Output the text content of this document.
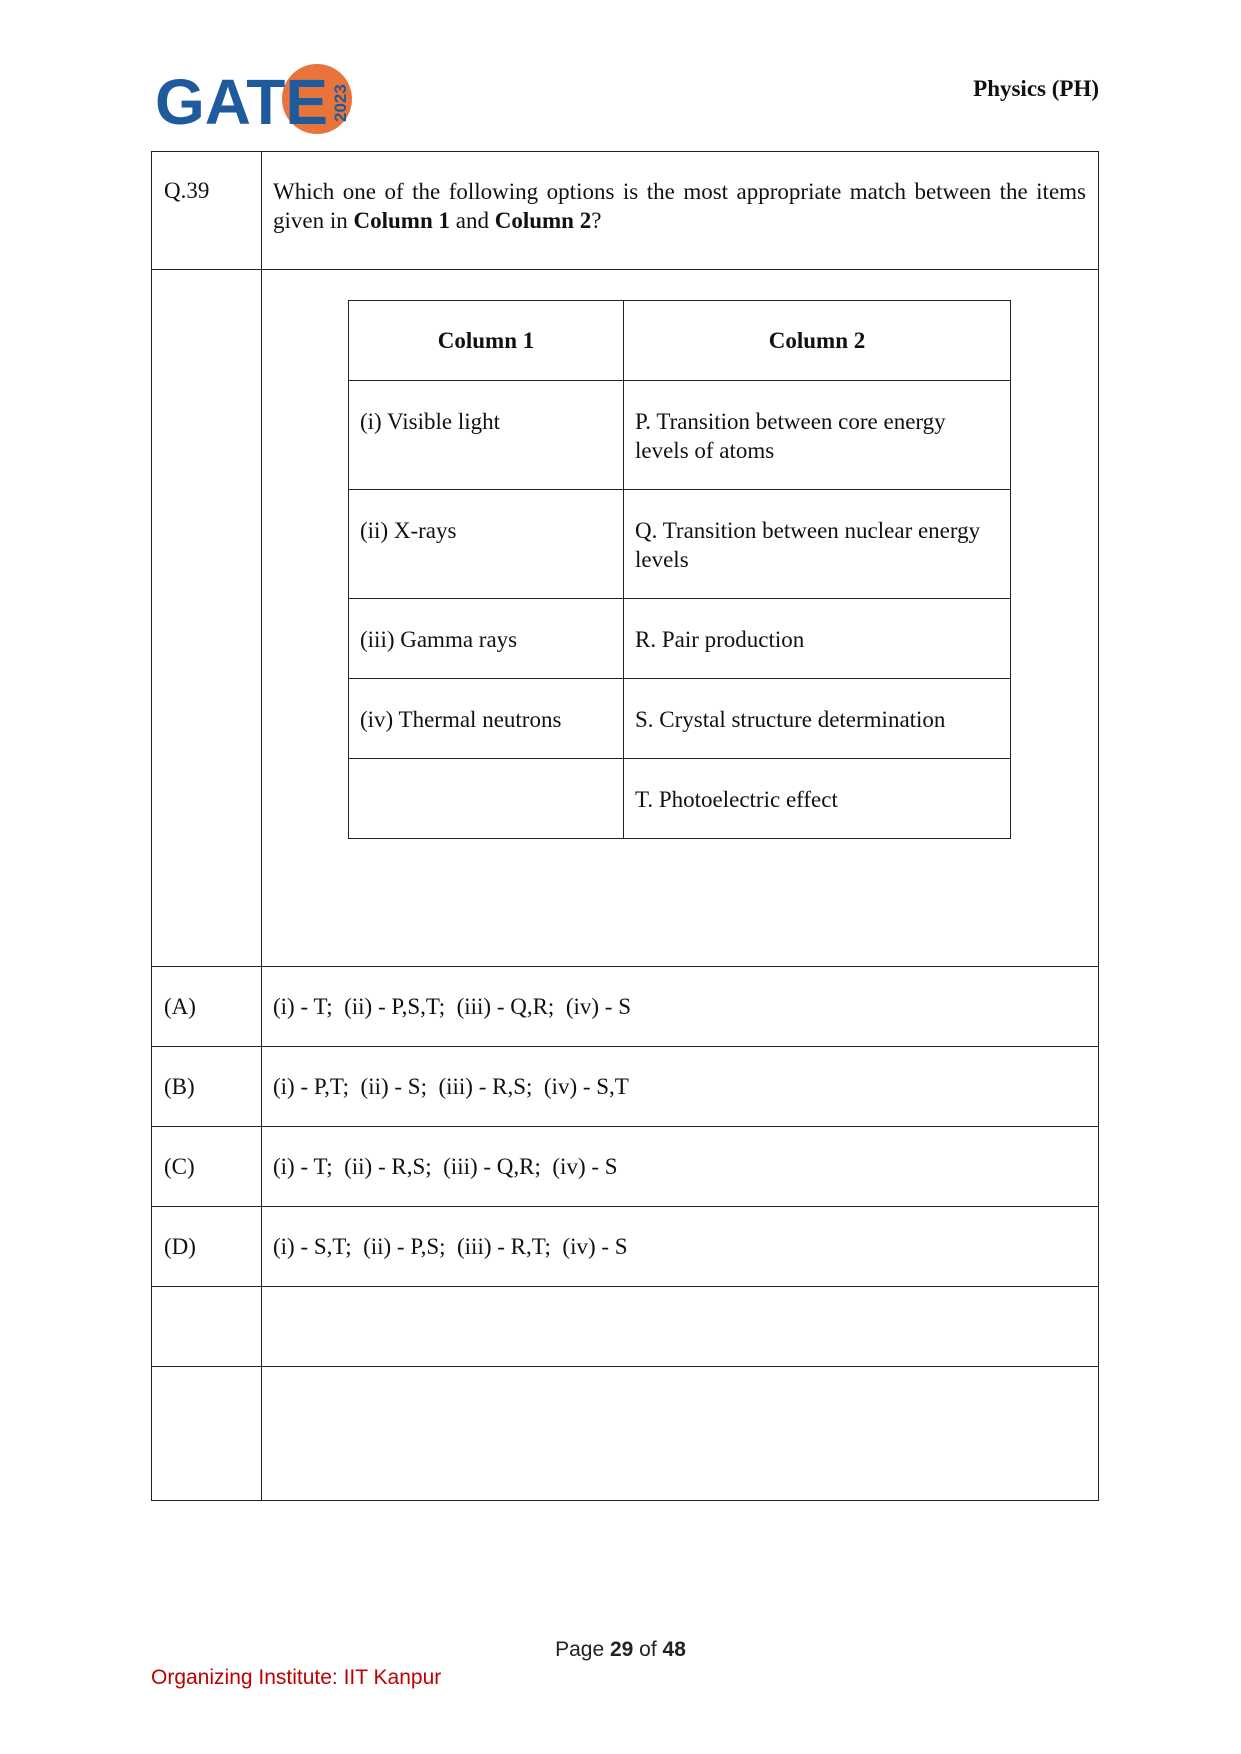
GATE 2023	Physics (PH)
Q.39	Which one of the following options is the most appropriate match between the items given in Column 1 and Column 2?

(A)	(i) - T;  (ii) - P,S,T;  (iii) - Q,R;  (iv) - S

(B)	(i) - P,T;  (ii) - S;  (iii) - R,S;  (iv) - S,T

(C)	(i) - T;  (ii) - R,S;  (iii) - Q,R;  (iv) - S

(D)	(i) - S,T;  (ii) - P,S;  (iii) - R,T;  (iv) - S

Column 1	Column 2
(i) Visible light	P. Transition between core energy levels of atoms
(ii) X-rays	Q. Transition between nuclear energy levels
(iii) Gamma rays	R. Pair production
(iv) Thermal neutrons	S. Crystal structure determination
	T. Photoelectric effect
Page 29 of 48
Organizing Institute: IIT Kanpur
